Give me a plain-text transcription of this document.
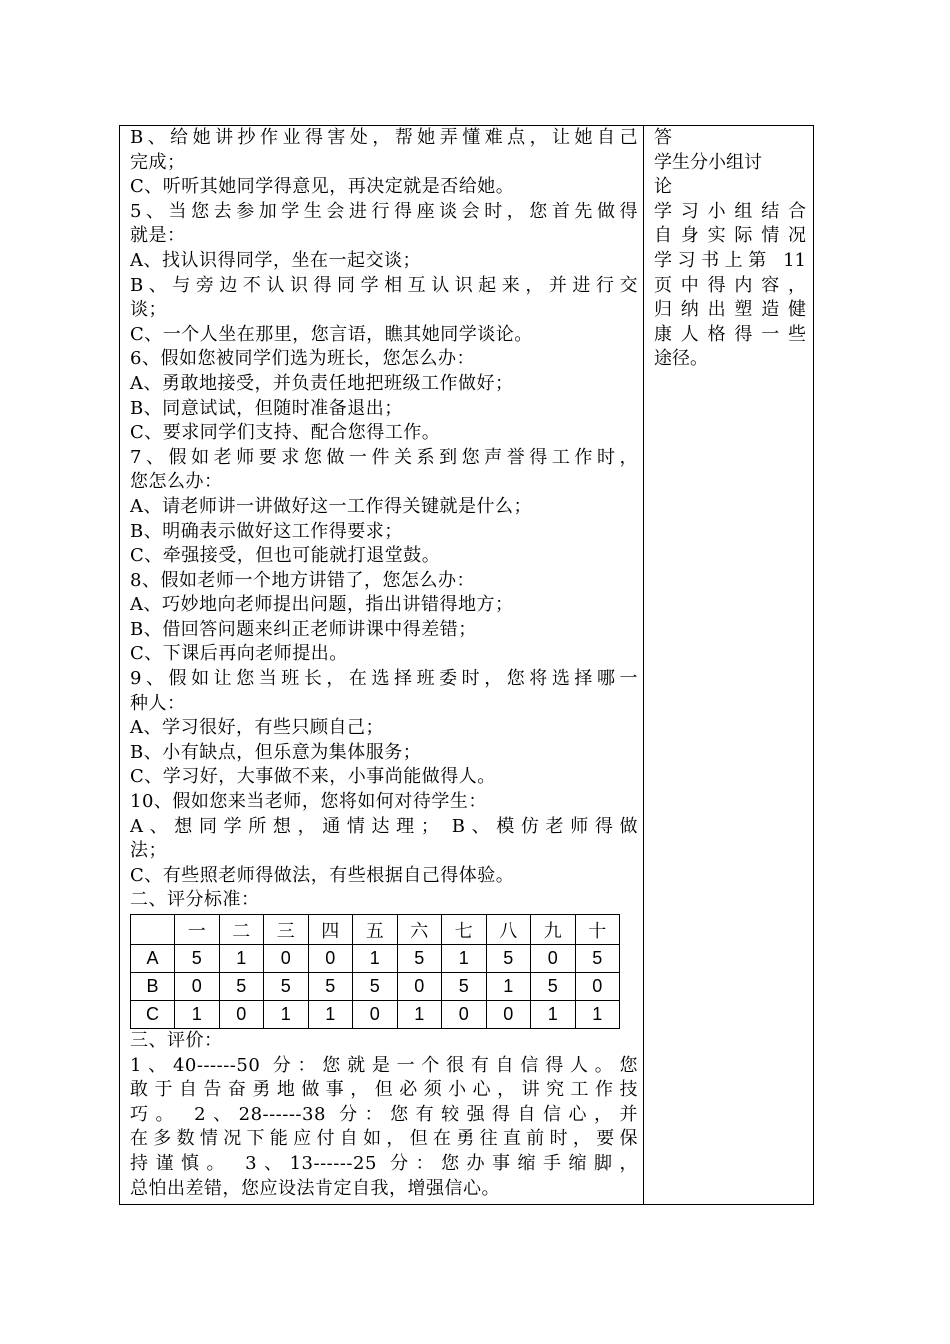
B、给她讲抄作业得害处，帮她弄懂难点，让她自己
完成；
C、听听其她同学得意见，再决定就是否给她。
5、当您去参加学生会进行得座谈会时，您首先做得
就是：
A、找认识得同学，坐在一起交谈；
B、与旁边不认识得同学相互认识起来，并进行交
谈；
C、一个人坐在那里，您言语，瞧其她同学谈论。
6、假如您被同学们选为班长，您怎么办：
A、勇敢地接受，并负责任地把班级工作做好；
B、同意试试，但随时准备退出；
C、要求同学们支持、配合您得工作。
7、假如老师要求您做一件关系到您声誉得工作时，
您怎么办：
A、请老师讲一讲做好这一工作得关键就是什么；
B、明确表示做好这工作得要求；
C、牵强接受，但也可能就打退堂鼓。
8、假如老师一个地方讲错了，您怎么办：
A、巧妙地向老师提出问题，指出讲错得地方；
B、借回答问题来纠正老师讲课中得差错；
C、下课后再向老师提出。
9、假如让您当班长，在选择班委时，您将选择哪一
种人：
A、学习很好，有些只顾自己；
B、小有缺点，但乐意为集体服务；
C、学习好，大事做不来，小事尚能做得人。
10、假如您来当老师，您将如何对待学生：
A、想同学所想，通情达理； B、模仿老师得做
法；
C、有些照老师得做法，有些根据自己得体验。
二、评分标准：
	一	二	三	四	五	六	七	八	九	十
A	5	1	0	0	1	5	1	5	0	5
B	0	5	5	5	5	0	5	1	5	0
C	1	0	1	1	0	1	0	0	1	1
三、评价：
1、40------50 分：您就是一个很有自信得人。您
敢于自告奋勇地做事，但必须小心，讲究工作技
巧。 2、28------38 分：您有较强得自信心，并
在多数情况下能应付自如，但在勇往直前时，要保
持谨慎。 3、13------25 分：您办事缩手缩脚，
总怕出差错，您应设法肯定自我，增强信心。
答
学生分小组讨
论
学习小组结合
自身实际情况
学习书上第 11
页中得内容，
归纳出塑造健
康人格得一些
途径。
